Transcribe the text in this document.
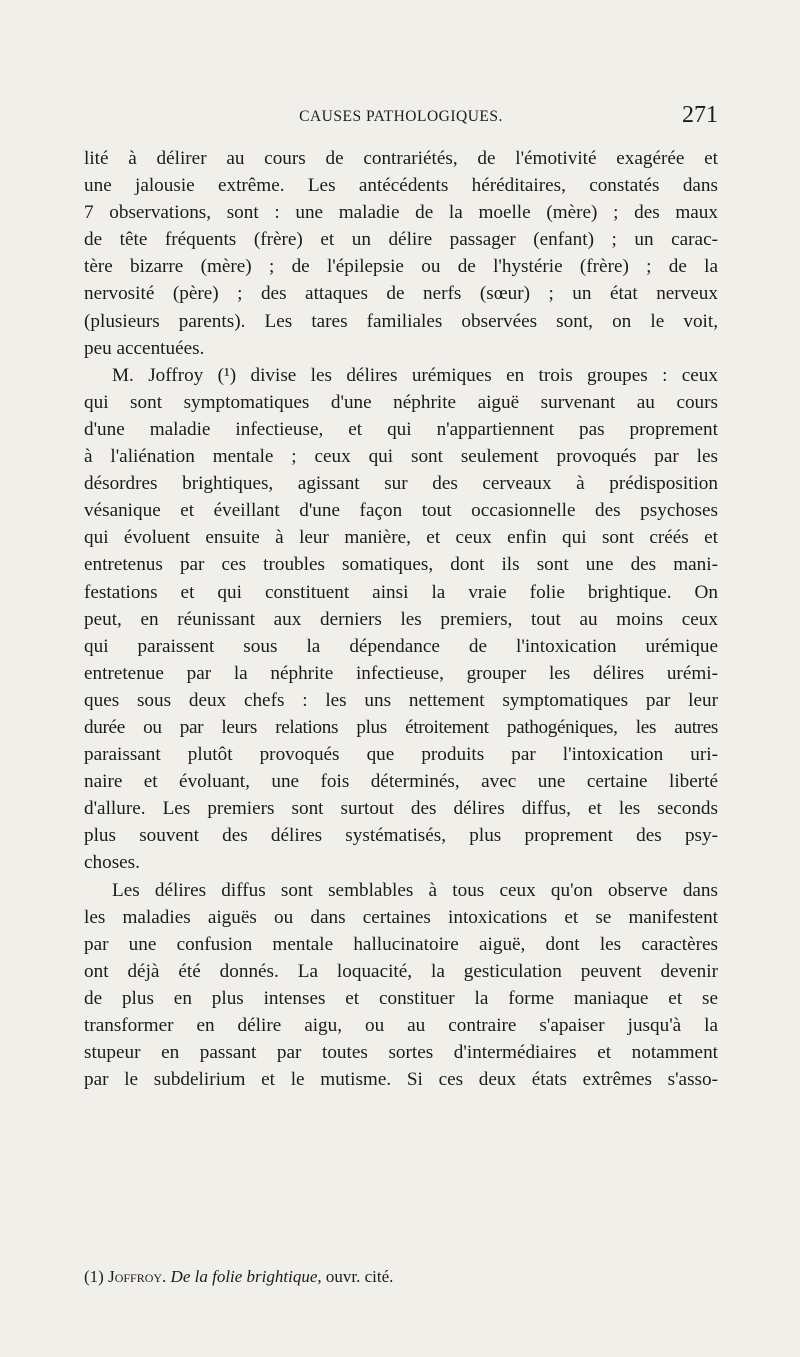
CAUSES PATHOLOGIQUES.	271
lité à délirer au cours de contrariétés, de l'émotivité exagérée et
une jalousie extrême. Les antécédents héréditaires, constatés dans
7 observations, sont : une maladie de la moelle (mère) ; des maux
de tête fréquents (frère) et un délire passager (enfant) ; un carac-
tère bizarre (mère) ; de l'épilepsie ou de l'hystérie (frère) ; de la
nervosité (père) ; des attaques de nerfs (sœur) ; un état nerveux
(plusieurs parents). Les tares familiales observées sont, on le voit,
peu accentuées.
M. Joffroy (¹) divise les délires urémiques en trois groupes : ceux
qui sont symptomatiques d'une néphrite aiguë survenant au cours
d'une maladie infectieuse, et qui n'appartiennent pas proprement
à l'aliénation mentale ; ceux qui sont seulement provoqués par les
désordres brightiques, agissant sur des cerveaux à prédisposition
vésanique et éveillant d'une façon tout occasionnelle des psychoses
qui évoluent ensuite à leur manière, et ceux enfin qui sont créés et
entretenus par ces troubles somatiques, dont ils sont une des mani-
festations et qui constituent ainsi la vraie folie brightique. On
peut, en réunissant aux derniers les premiers, tout au moins ceux
qui paraissent sous la dépendance de l'intoxication urémique
entretenue par la néphrite infectieuse, grouper les délires urémi-
ques sous deux chefs : les uns nettement symptomatiques par leur
durée ou par leurs relations plus étroitement pathogéniques, les autres
paraissant plutôt provoqués que produits par l'intoxication uri-
naire et évoluant, une fois déterminés, avec une certaine liberté
d'allure. Les premiers sont surtout des délires diffus, et les seconds
plus souvent des délires systématisés, plus proprement des psy-
choses.
Les délires diffus sont semblables à tous ceux qu'on observe dans
les maladies aiguës ou dans certaines intoxications et se manifestent
par une confusion mentale hallucinatoire aiguë, dont les caractères
ont déjà été donnés. La loquacité, la gesticulation peuvent devenir
de plus en plus intenses et constituer la forme maniaque et se
transformer en délire aigu, ou au contraire s'apaiser jusqu'à la
stupeur en passant par toutes sortes d'intermédiaires et notamment
par le subdelirium et le mutisme. Si ces deux états extrêmes s'asso-
(1) Joffroy. De la folie brightique, ouvr. cité.
